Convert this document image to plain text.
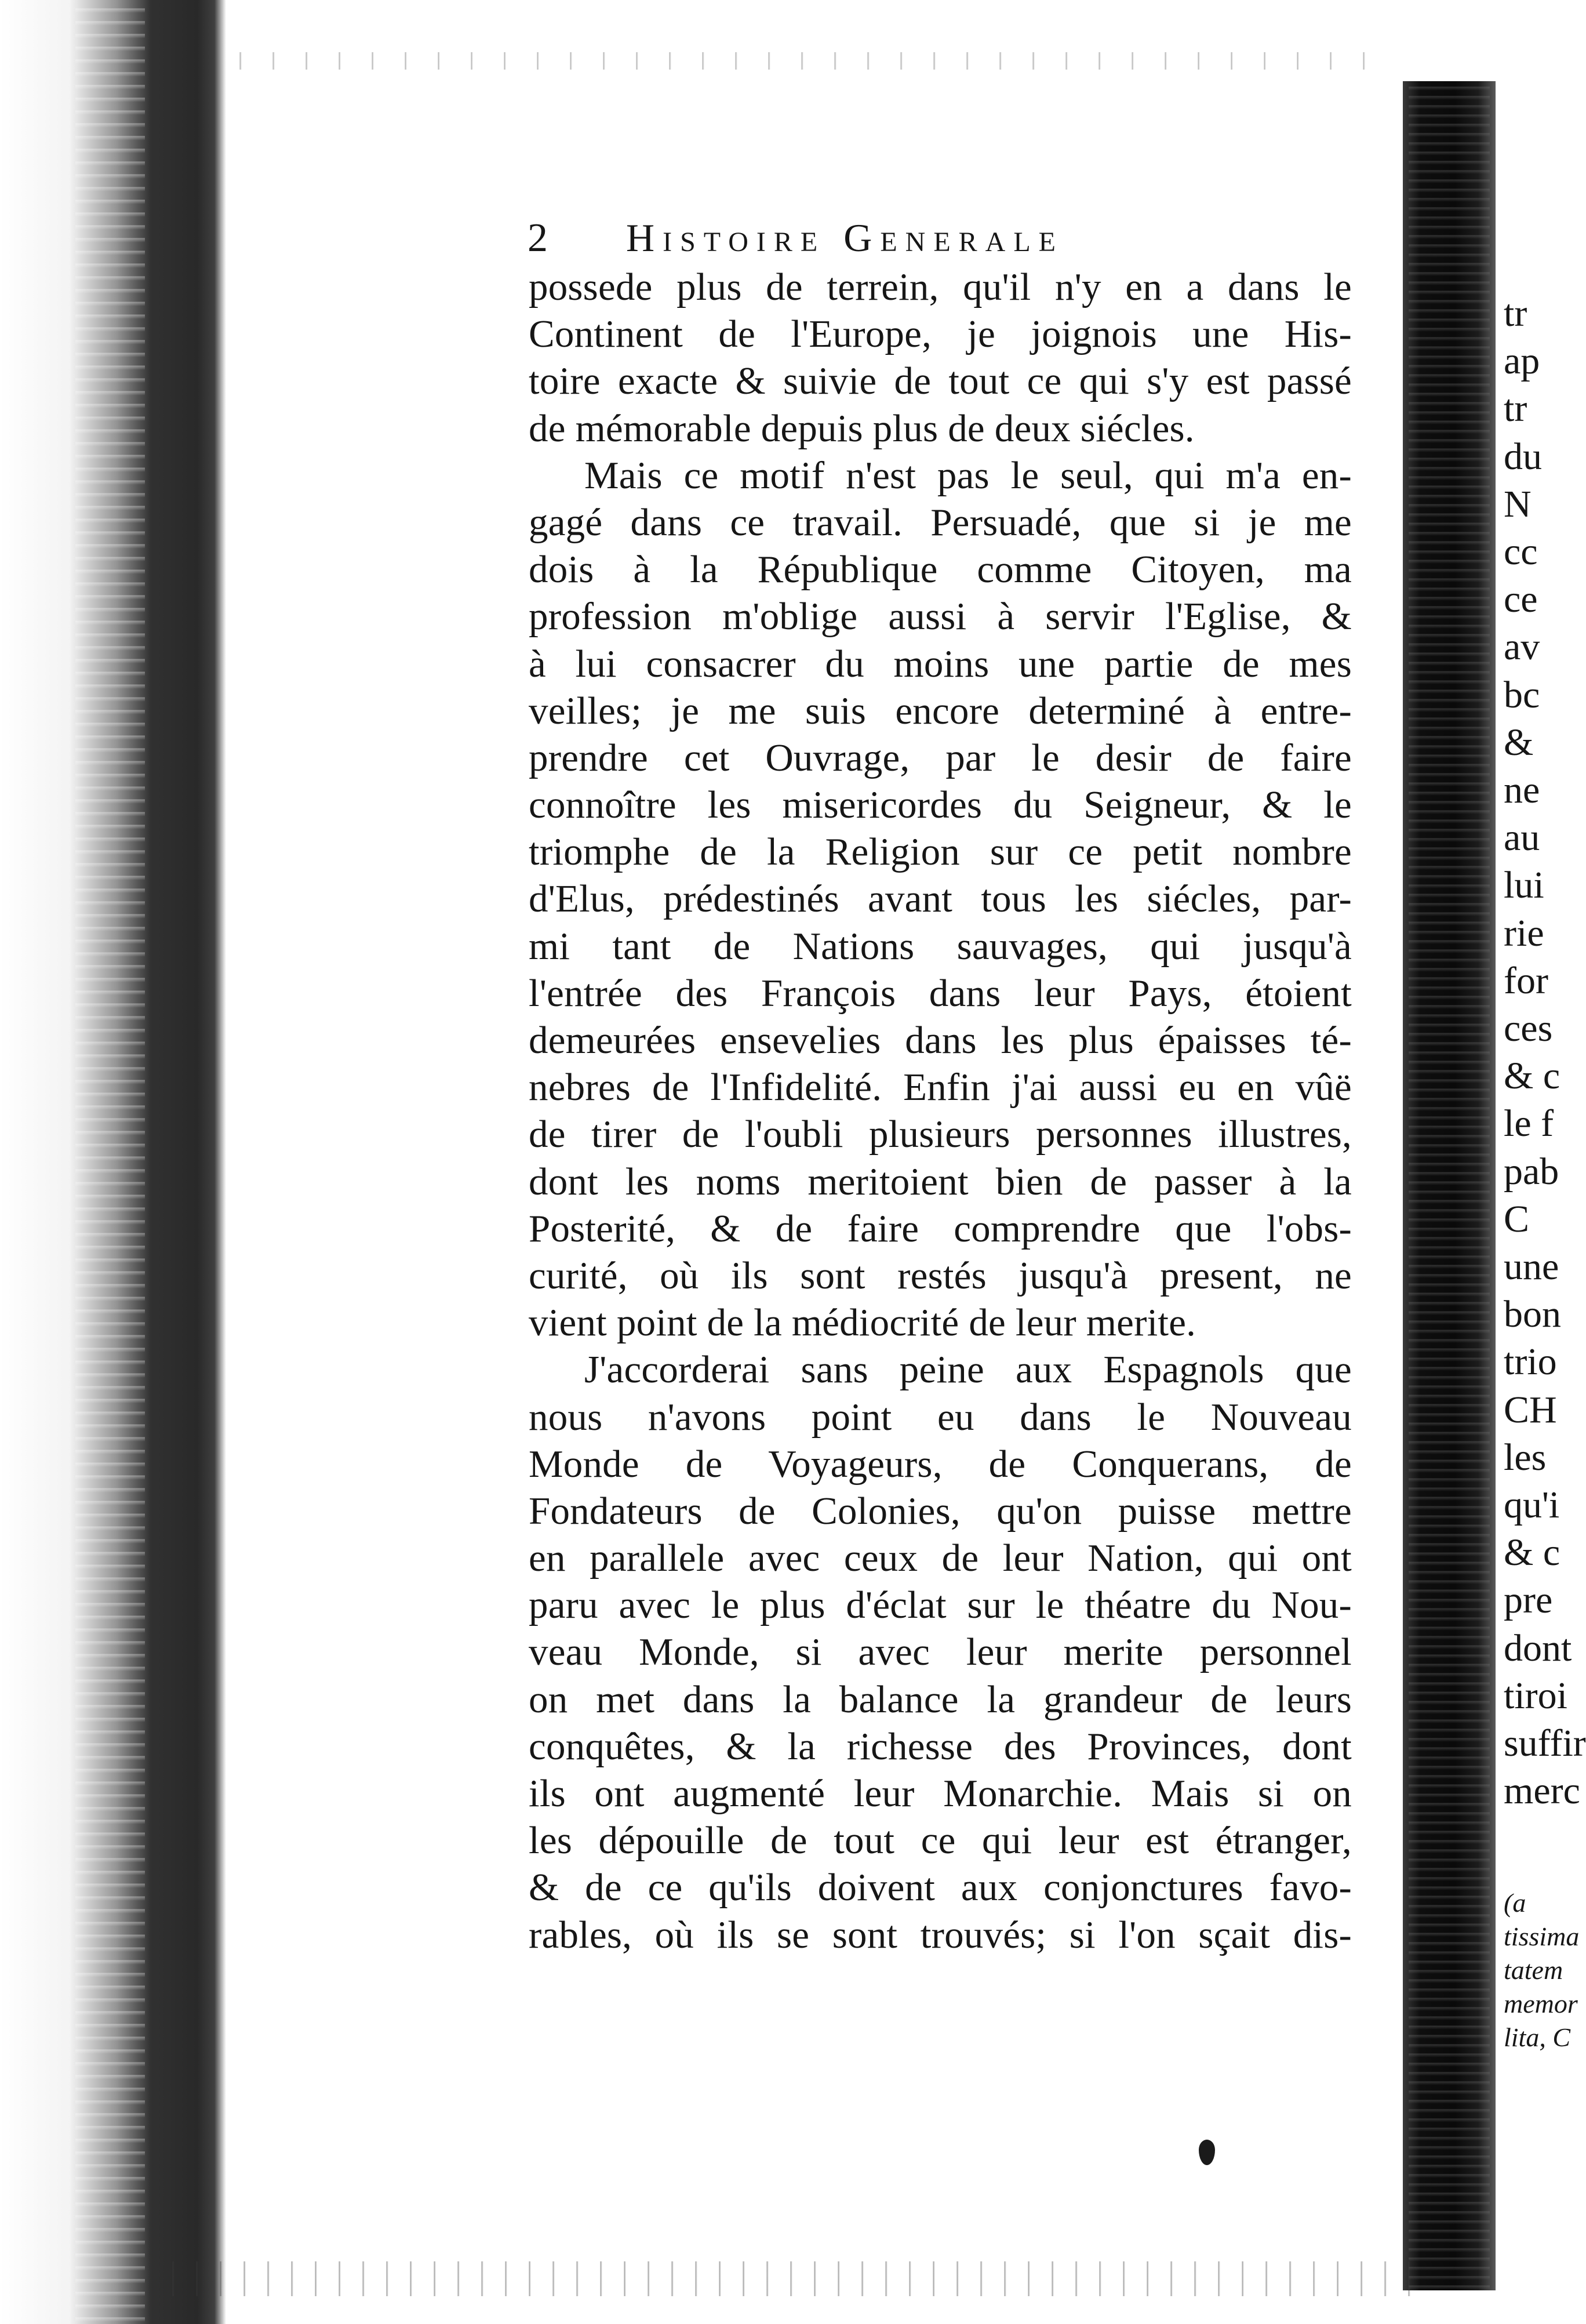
2 Histoire Generale
possede plus de terrein, qu'il n'y en a dans le
Continent de l'Europe, je joignois une His-
toire exacte & suivie de tout ce qui s'y est passé
de mémorable depuis plus de deux siécles.
Mais ce motif n'est pas le seul, qui m'a en-
gagé dans ce travail. Persuadé, que si je me
dois à la République comme Citoyen, ma
profession m'oblige aussi à servir l'Eglise, &
à lui consacrer du moins une partie de mes
veilles; je me suis encore determiné à entre-
prendre cet Ouvrage, par le desir de faire
connoître les misericordes du Seigneur, & le
triomphe de la Religion sur ce petit nombre
d'Elus, prédestinés avant tous les siécles, par-
mi tant de Nations sauvages, qui jusqu'à
l'entrée des François dans leur Pays, étoient
demeurées ensevelies dans les plus épaisses té-
nebres de l'Infidelité. Enfin j'ai aussi eu en vûë
de tirer de l'oubli plusieurs personnes illustres,
dont les noms meritoient bien de passer à la
Posterité, & de faire comprendre que l'obs-
curité, où ils sont restés jusqu'à present, ne
vient point de la médiocrité de leur merite.
J'accorderai sans peine aux Espagnols que
nous n'avons point eu dans le Nouveau
Monde de Voyageurs, de Conquerans, de
Fondateurs de Colonies, qu'on puisse mettre
en parallele avec ceux de leur Nation, qui ont
paru avec le plus d'éclat sur le théatre du Nou-
veau Monde, si avec leur merite personnel
on met dans la balance la grandeur de leurs
conquêtes, & la richesse des Provinces, dont
ils ont augmenté leur Monarchie. Mais si on
les dépouille de tout ce qui leur est étranger,
& de ce qu'ils doivent aux conjonctures favo-
rables, où ils se sont trouvés; si l'on sçait dis-
tr
ap
tr
du
N
cc
ce
av
bc
&
ne
au
lui
rie
for
ces
& c
le f
pab
C
une
bon
trio
CH
les
qu'i
& c
pre
dont
tiroi
suffir
merc
(a
tissima
tatem
memor
lita, C
